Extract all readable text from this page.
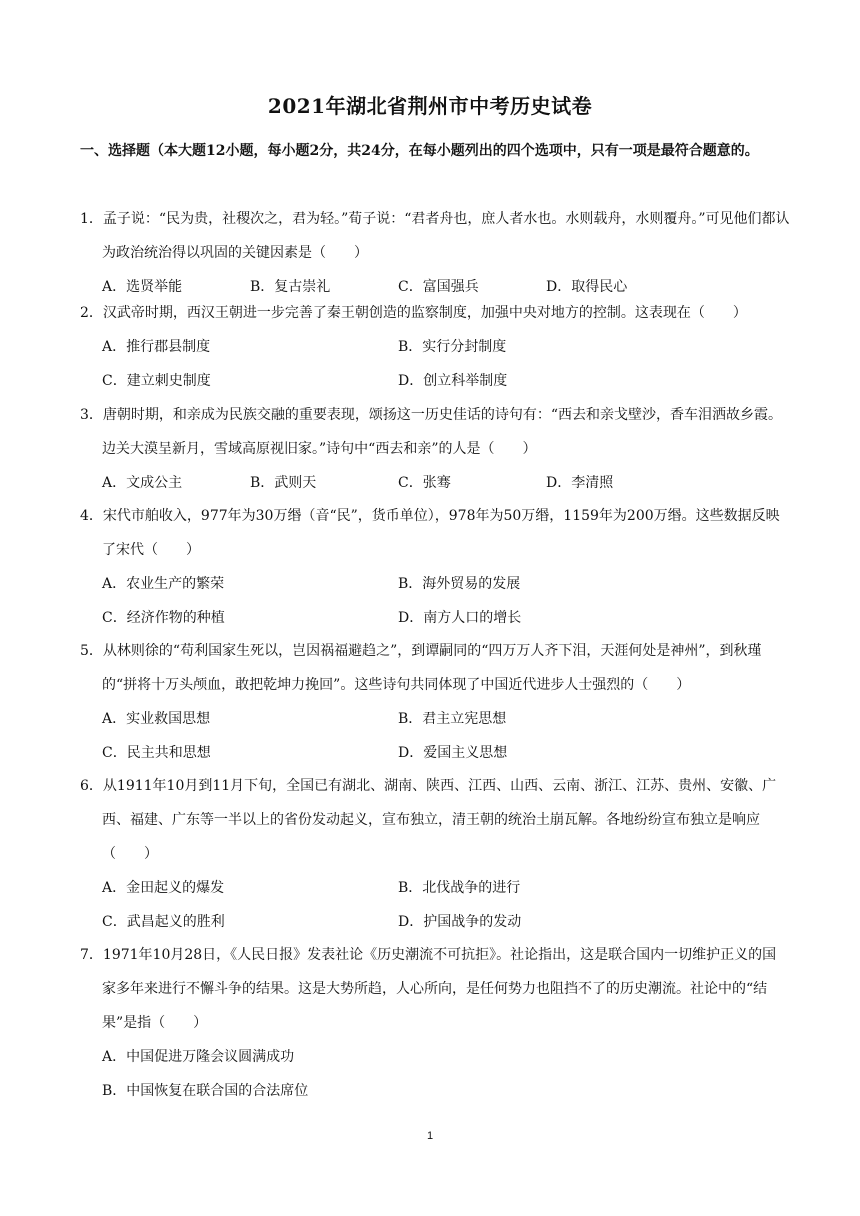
2021年湖北省荆州市中考历史试卷
一、选择题（本大题12小题，每小题2分，共24分，在每小题列出的四个选项中，只有一项是最符合题意的。

1．孟子说：“民为贵，社稷次之，君为轻。”荀子说：“君者舟也，庶人者水也。水则载舟，水则覆舟。”可见他们都认为政治统治得以巩固的关键因素是（　　）

A．选贤举能	B．复古崇礼	C．富国强兵	D．取得民心

2．汉武帝时期，西汉王朝进一步完善了秦王朝创造的监察制度，加强中央对地方的控制。这表现在（　　）

A．推行郡县制度	B．实行分封制度
C．建立刺史制度	D．创立科举制度

3．唐朝时期，和亲成为民族交融的重要表现，颂扬这一历史佳话的诗句有：“西去和亲戈壁沙，香车泪洒故乡霞。边关大漠呈新月，雪域高原视旧家。”诗句中“西去和亲”的人是（　　）

A．文成公主	B．武则天	C．张骞	D．李清照

4．宋代市舶收入，977年为30万缗（音“民”，货币单位），978年为50万缗，1159年为200万缗。这些数据反映了宋代（　　）

A．农业生产的繁荣	B．海外贸易的发展
C．经济作物的种植	D．南方人口的增长

5．从林则徐的“苟利国家生死以，岂因祸福避趋之”，到谭嗣同的“四万万人齐下泪，天涯何处是神州”，到秋瑾的“拼将十万头颅血，敢把乾坤力挽回”。这些诗句共同体现了中国近代进步人士强烈的（　　）

A．实业救国思想	B．君主立宪思想
C．民主共和思想	D．爱国主义思想

6．从1911年10月到11月下旬，全国已有湖北、湖南、陕西、江西、山西、云南、浙江、江苏、贵州、安徽、广西、福建、广东等一半以上的省份发动起义，宣布独立，清王朝的统治土崩瓦解。各地纷纷宣布独立是响应（　　）

A．金田起义的爆发	B．北伐战争的进行
C．武昌起义的胜利	D．护国战争的发动

7．1971年10月28日，《人民日报》发表社论《历史潮流不可抗拒》。社论指出，这是联合国内一切维护正义的国家多年来进行不懈斗争的结果。这是大势所趋，人心所向，是任何势力也阻挡不了的历史潮流。社论中的“结果”是指（　　）

A．中国促进万隆会议圆满成功
B．中国恢复在联合国的合法席位
1
